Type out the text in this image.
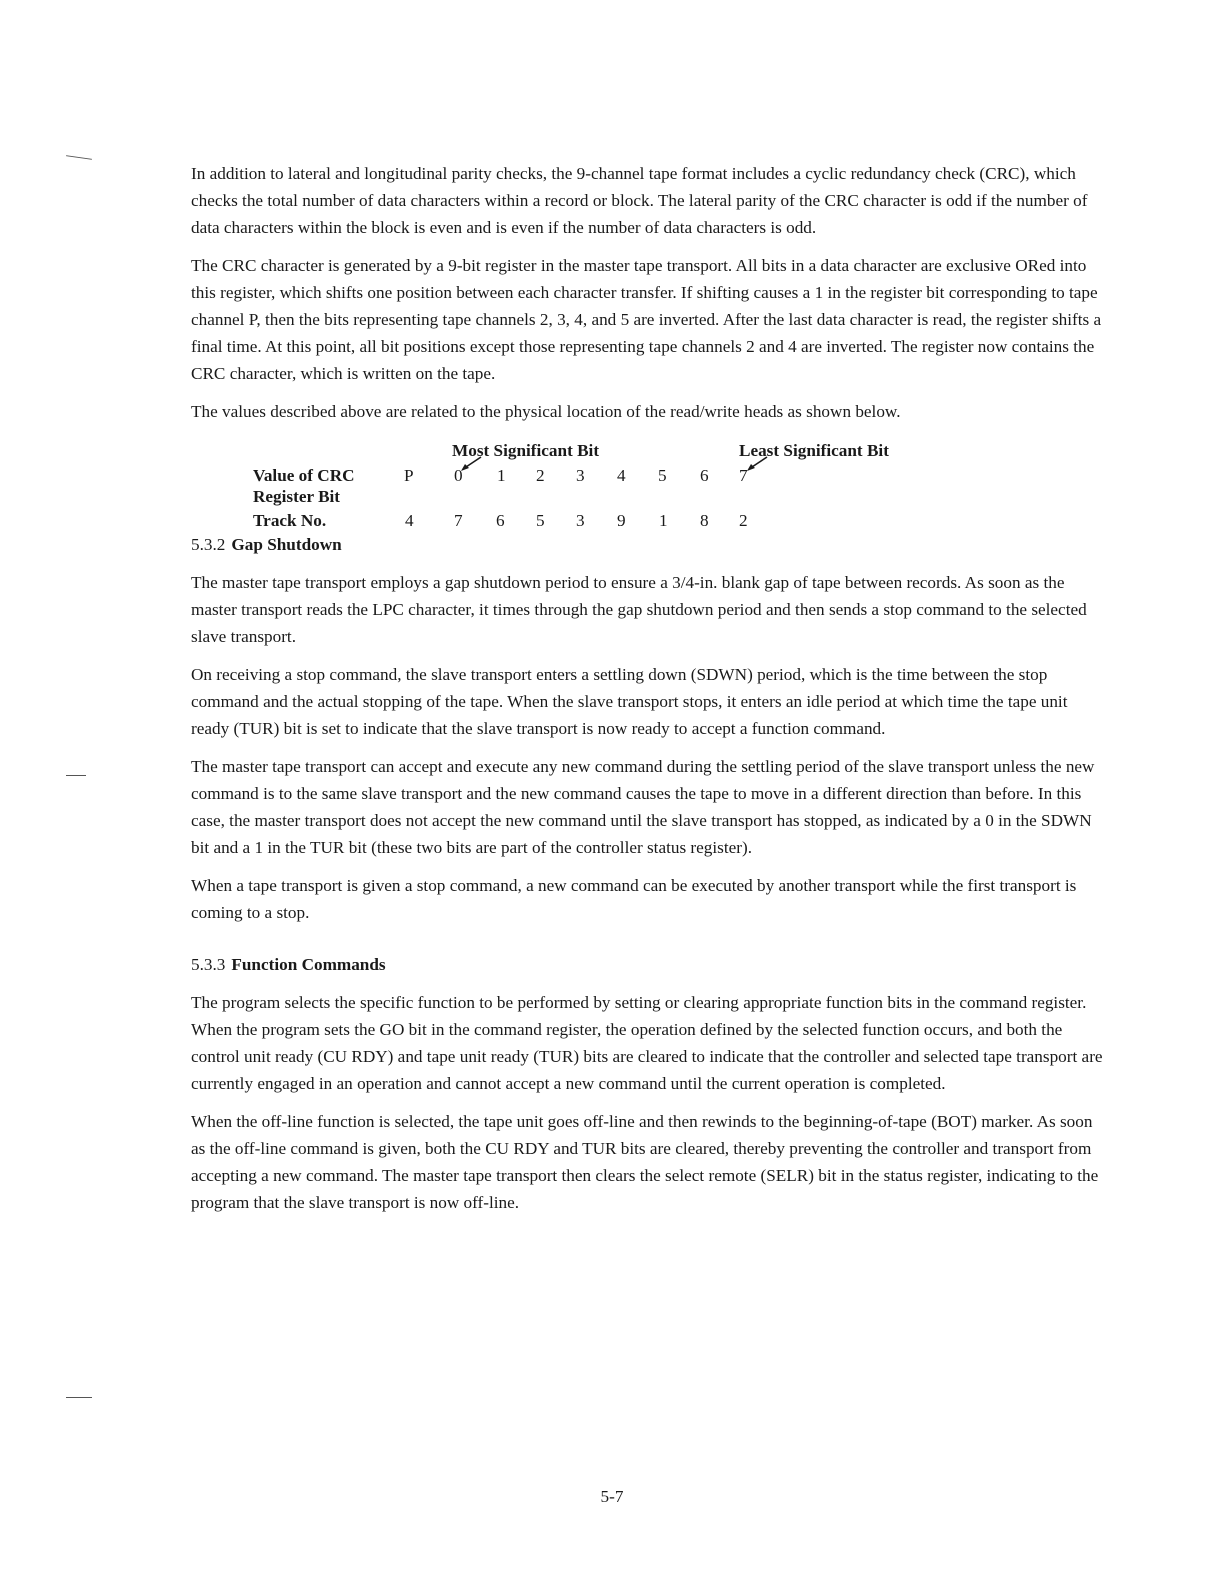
In addition to lateral and longitudinal parity checks, the 9-channel tape format includes a cyclic redundancy check (CRC), which checks the total number of data characters within a record or block. The lateral parity of the CRC character is odd if the number of data characters within the block is even and is even if the number of data characters is odd.

The CRC character is generated by a 9-bit register in the master tape transport. All bits in a data character are exclusive ORed into this register, which shifts one position between each character transfer. If shifting causes a 1 in the register bit corresponding to tape channel P, then the bits representing tape channels 2, 3, 4, and 5 are inverted. After the last data character is read, the register shifts a final time. At this point, all bit positions except those representing tape channels 2 and 4 are inverted. The register now contains the CRC character, which is written on the tape.

The values described above are related to the physical location of the read/write heads as shown below.

Most Significant Bit	Least Significant Bit
Value of CRC
Register Bit
Track No.
P 0 1 2 3 4 5 6 7
4 7 6 5 3 9 1 8 2
5.3.2 Gap Shutdown

The master tape transport employs a gap shutdown period to ensure a 3/4-in. blank gap of tape between records. As soon as the master transport reads the LPC character, it times through the gap shutdown period and then sends a stop command to the selected slave transport.

On receiving a stop command, the slave transport enters a settling down (SDWN) period, which is the time between the stop command and the actual stopping of the tape. When the slave transport stops, it enters an idle period at which time the tape unit ready (TUR) bit is set to indicate that the slave transport is now ready to accept a function command.

The master tape transport can accept and execute any new command during the settling period of the slave transport unless the new command is to the same slave transport and the new command causes the tape to move in a different direction than before. In this case, the master transport does not accept the new command until the slave transport has stopped, as indicated by a 0 in the SDWN bit and a 1 in the TUR bit (these two bits are part of the controller status register).

When a tape transport is given a stop command, a new command can be executed by another transport while the first transport is coming to a stop.

5.3.3 Function Commands

The program selects the specific function to be performed by setting or clearing appropriate function bits in the command register. When the program sets the GO bit in the command register, the operation defined by the selected function occurs, and both the control unit ready (CU RDY) and tape unit ready (TUR) bits are cleared to indicate that the controller and selected tape transport are currently engaged in an operation and cannot accept a new command until the current operation is completed.

When the off-line function is selected, the tape unit goes off-line and then rewinds to the beginning-of-tape (BOT) marker. As soon as the off-line command is given, both the CU RDY and TUR bits are cleared, thereby preventing the controller and transport from accepting a new command. The master tape transport then clears the select remote (SELR) bit in the status register, indicating to the program that the slave transport is now off-line.

5-7
